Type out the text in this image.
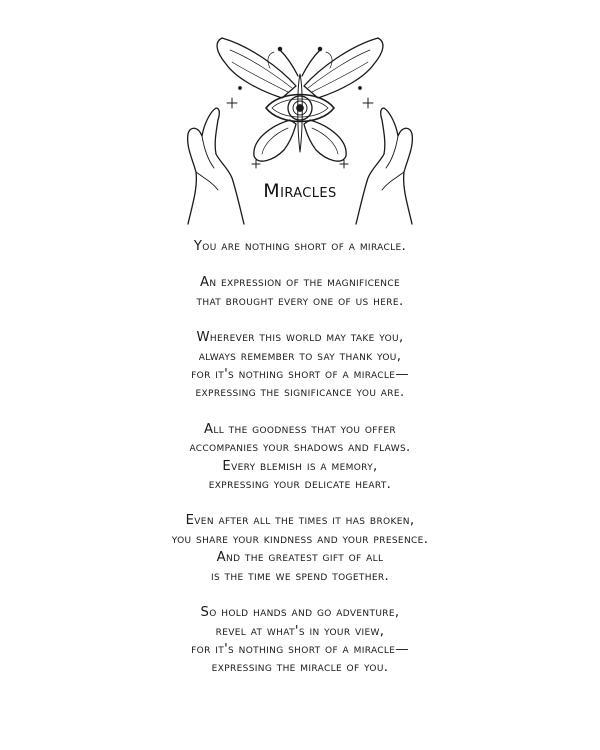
Miracles
You are nothing short of a miracle.
An expression of the magnificence
that brought every one of us here.
Wherever this world may take you,
always remember to say thank you,
for it's nothing short of a miracle—
expressing the significance you are.
All the goodness that you offer
accompanies your shadows and flaws.
Every blemish is a memory,
expressing your delicate heart.
Even after all the times it has broken,
you share your kindness and your presence.
And the greatest gift of all
is the time we spend together.
So hold hands and go adventure,
revel at what's in your view,
for it's nothing short of a miracle—
expressing the miracle of you.
